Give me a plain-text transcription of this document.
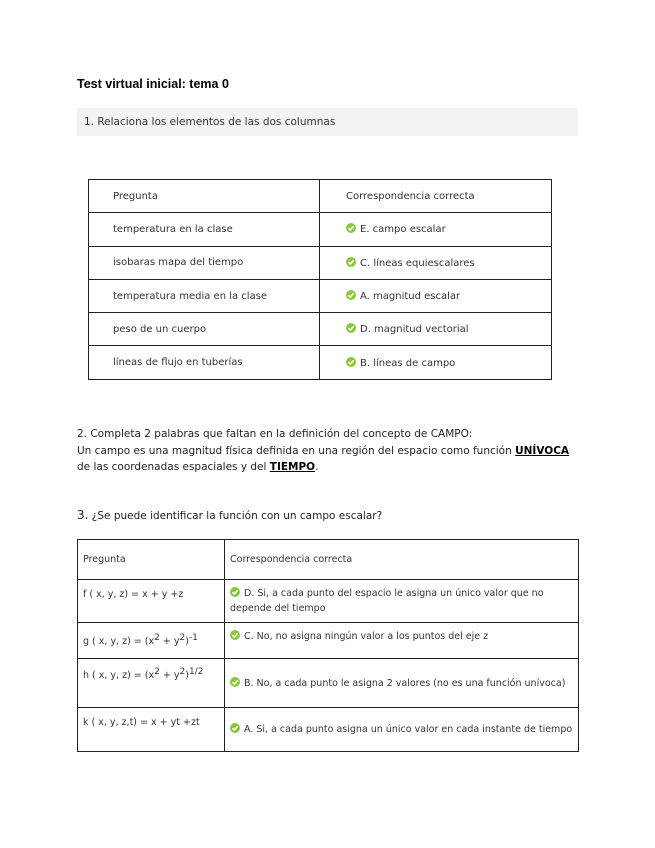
Test virtual inicial: tema 0
1. Relaciona los elementos de las dos columnas
Pregunta	Correspondencia correcta
temperatura en la clase	E. campo escalar
isobaras mapa del tiempo	C. líneas equiescalares
temperatura media en la clase	A. magnitud escalar
peso de un cuerpo	D. magnitud vectorial
líneas de flujo en tuberías	B. líneas de campo
2. Completa 2 palabras que faltan en la definición del concepto de CAMPO:
Un campo es una magnitud física definida en una región del espacio como función UNÍVOCA de las coordenadas espaciales y del TIEMPO.
3. ¿Se puede identificar la función con un campo escalar?
Pregunta	Correspondencia correcta
f ( x, y, z) = x + y +z	D. Si, a cada punto del espacio le asigna un único valor que no depende del tiempo
g ( x, y, $z) = (x^2 + y^2)^{-1}$	C. No, no asigna ningún valor a los puntos del eje z
h ( x, y, $z) = (x^2 + y^2)^{1/2}$	B. No, a cada punto le asigna 2 valores (no es una función unívoca)
k ( x, y, z,t) = x + yt +zt	A. Si, a cada punto asigna un único valor en cada instante de tiempo
